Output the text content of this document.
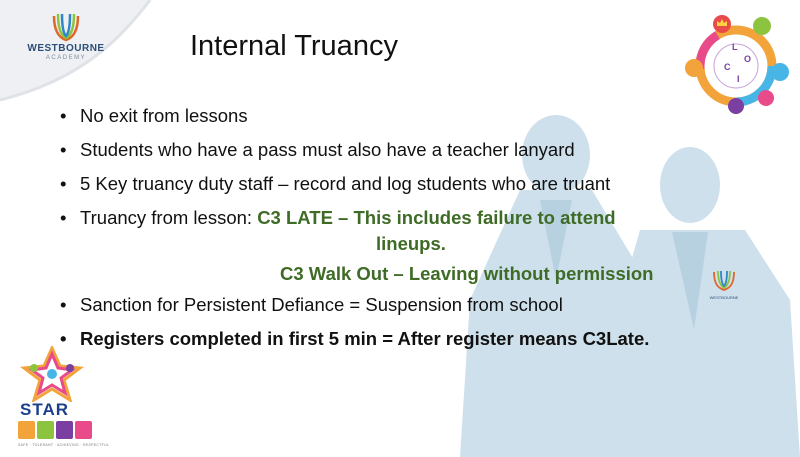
WESTBOURNE
ACADEMY
L
O
C
I
Internal Truancy
• No exit from lessons
• Students who have a pass must also have a teacher lanyard
• 5 Key truancy duty staff – record and log students who are truant
• Truancy from lesson: C3 LATE – This includes failure to attend
lineups.
C3 Walk Out – Leaving without permission
• Sanction for Persistent Defiance = Suspension from school
• Registers completed in first 5 min = After register means C3Late.
WESTBOURNE
STAR
SAFE · TOLERANT · ACHIEVING · RESPECTFUL
